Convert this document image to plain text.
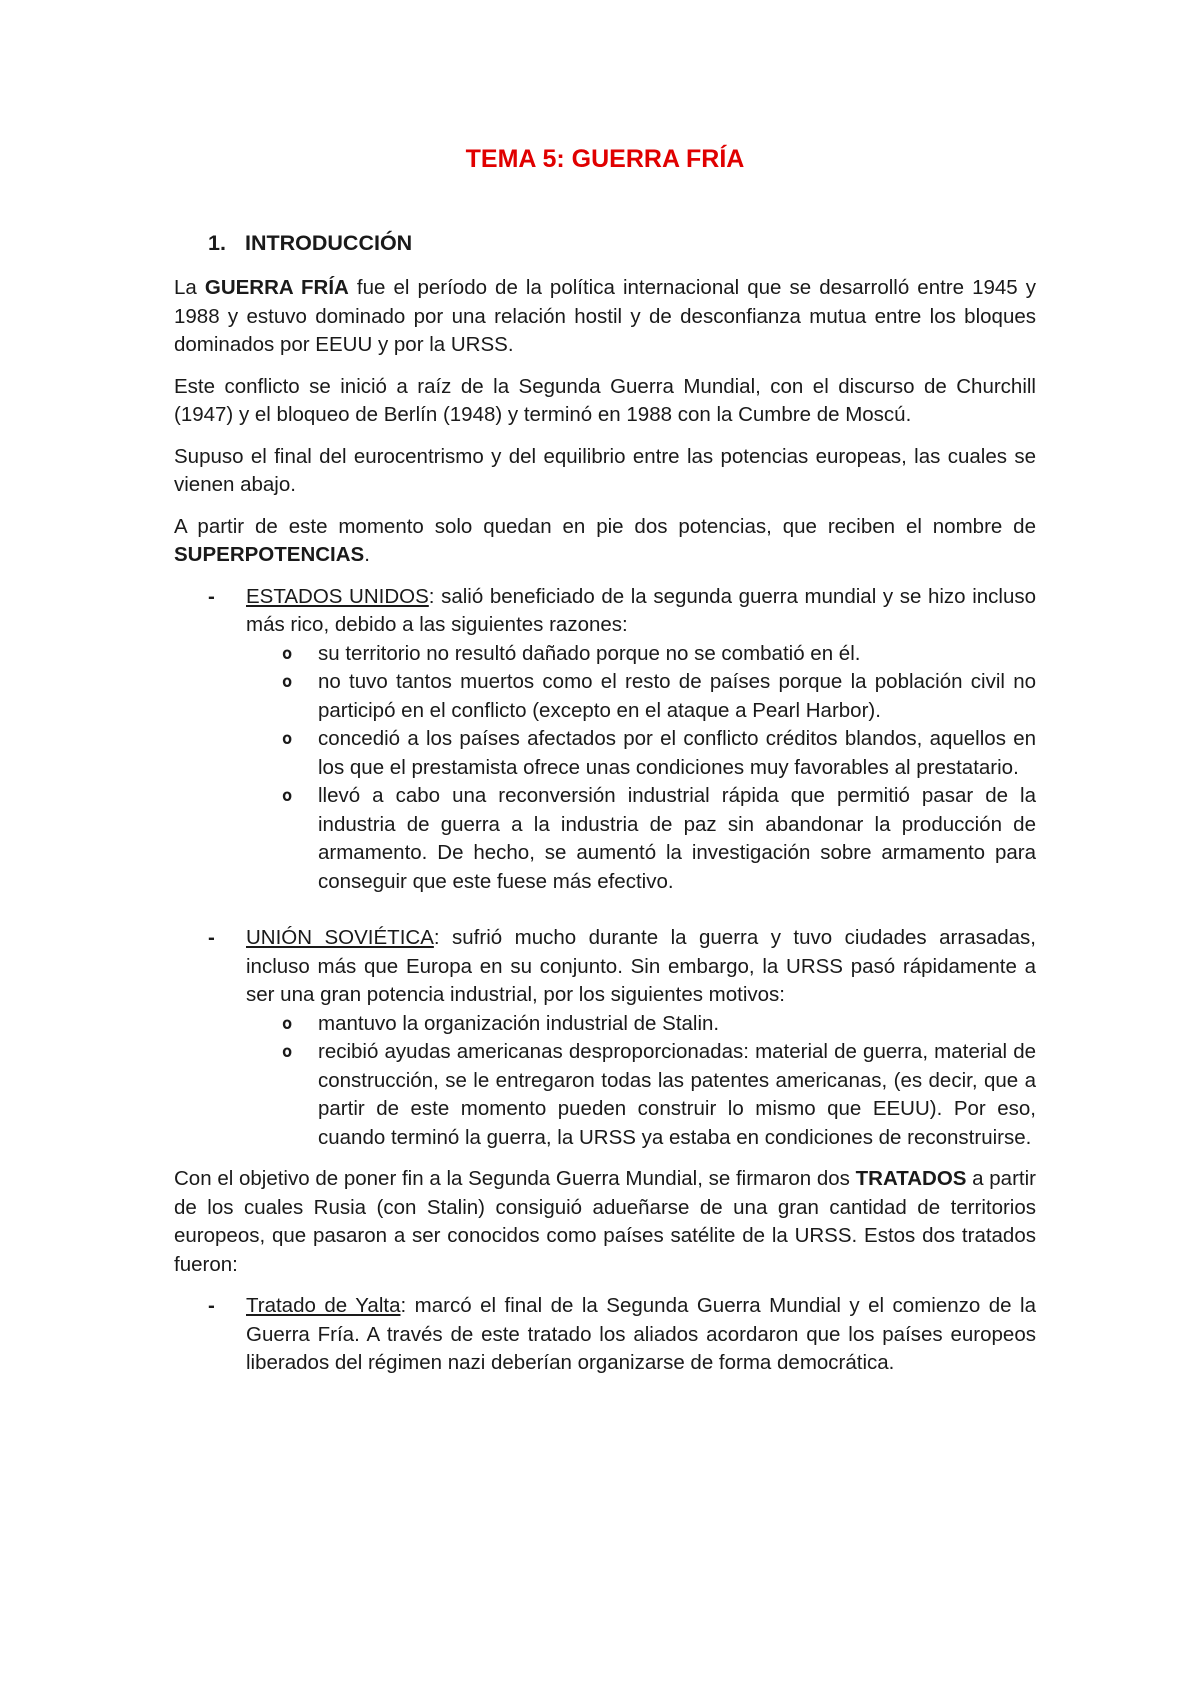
TEMA 5: GUERRA FRÍA
1. INTRODUCCIÓN

La GUERRA FRÍA fue el período de la política internacional que se desarrolló entre 1945 y 1988 y estuvo dominado por una relación hostil y de desconfianza mutua entre los bloques dominados por EEUU y por la URSS.

Este conflicto se inició a raíz de la Segunda Guerra Mundial, con el discurso de Churchill (1947) y el bloqueo de Berlín (1948) y terminó en 1988 con la Cumbre de Moscú.

Supuso el final del eurocentrismo y del equilibrio entre las potencias europeas, las cuales se vienen abajo.

A partir de este momento solo quedan en pie dos potencias, que reciben el nombre de SUPERPOTENCIAS.

- ESTADOS UNIDOS: salió beneficiado de la segunda guerra mundial y se hizo incluso más rico, debido a las siguientes razones:
o su territorio no resultó dañado porque no se combatió en él.
o no tuvo tantos muertos como el resto de países porque la población civil no participó en el conflicto (excepto en el ataque a Pearl Harbor).
o concedió a los países afectados por el conflicto créditos blandos, aquellos en los que el prestamista ofrece unas condiciones muy favorables al prestatario.
o llevó a cabo una reconversión industrial rápida que permitió pasar de la industria de guerra a la industria de paz sin abandonar la producción de armamento. De hecho, se aumentó la investigación sobre armamento para conseguir que este fuese más efectivo.
- UNIÓN SOVIÉTICA: sufrió mucho durante la guerra y tuvo ciudades arrasadas, incluso más que Europa en su conjunto. Sin embargo, la URSS pasó rápidamente a ser una gran potencia industrial, por los siguientes motivos:
o mantuvo la organización industrial de Stalin.
o recibió ayudas americanas desproporcionadas: material de guerra, material de construcción, se le entregaron todas las patentes americanas, (es decir, que a partir de este momento pueden construir lo mismo que EEUU). Por eso, cuando terminó la guerra, la URSS ya estaba en condiciones de reconstruirse.

Con el objetivo de poner fin a la Segunda Guerra Mundial, se firmaron dos TRATADOS a partir de los cuales Rusia (con Stalin) consiguió adueñarse de una gran cantidad de territorios europeos, que pasaron a ser conocidos como países satélite de la URSS. Estos dos tratados fueron:

- Tratado de Yalta: marcó el final de la Segunda Guerra Mundial y el comienzo de la Guerra Fría. A través de este tratado los aliados acordaron que los países europeos liberados del régimen nazi deberían organizarse de forma democrática.
